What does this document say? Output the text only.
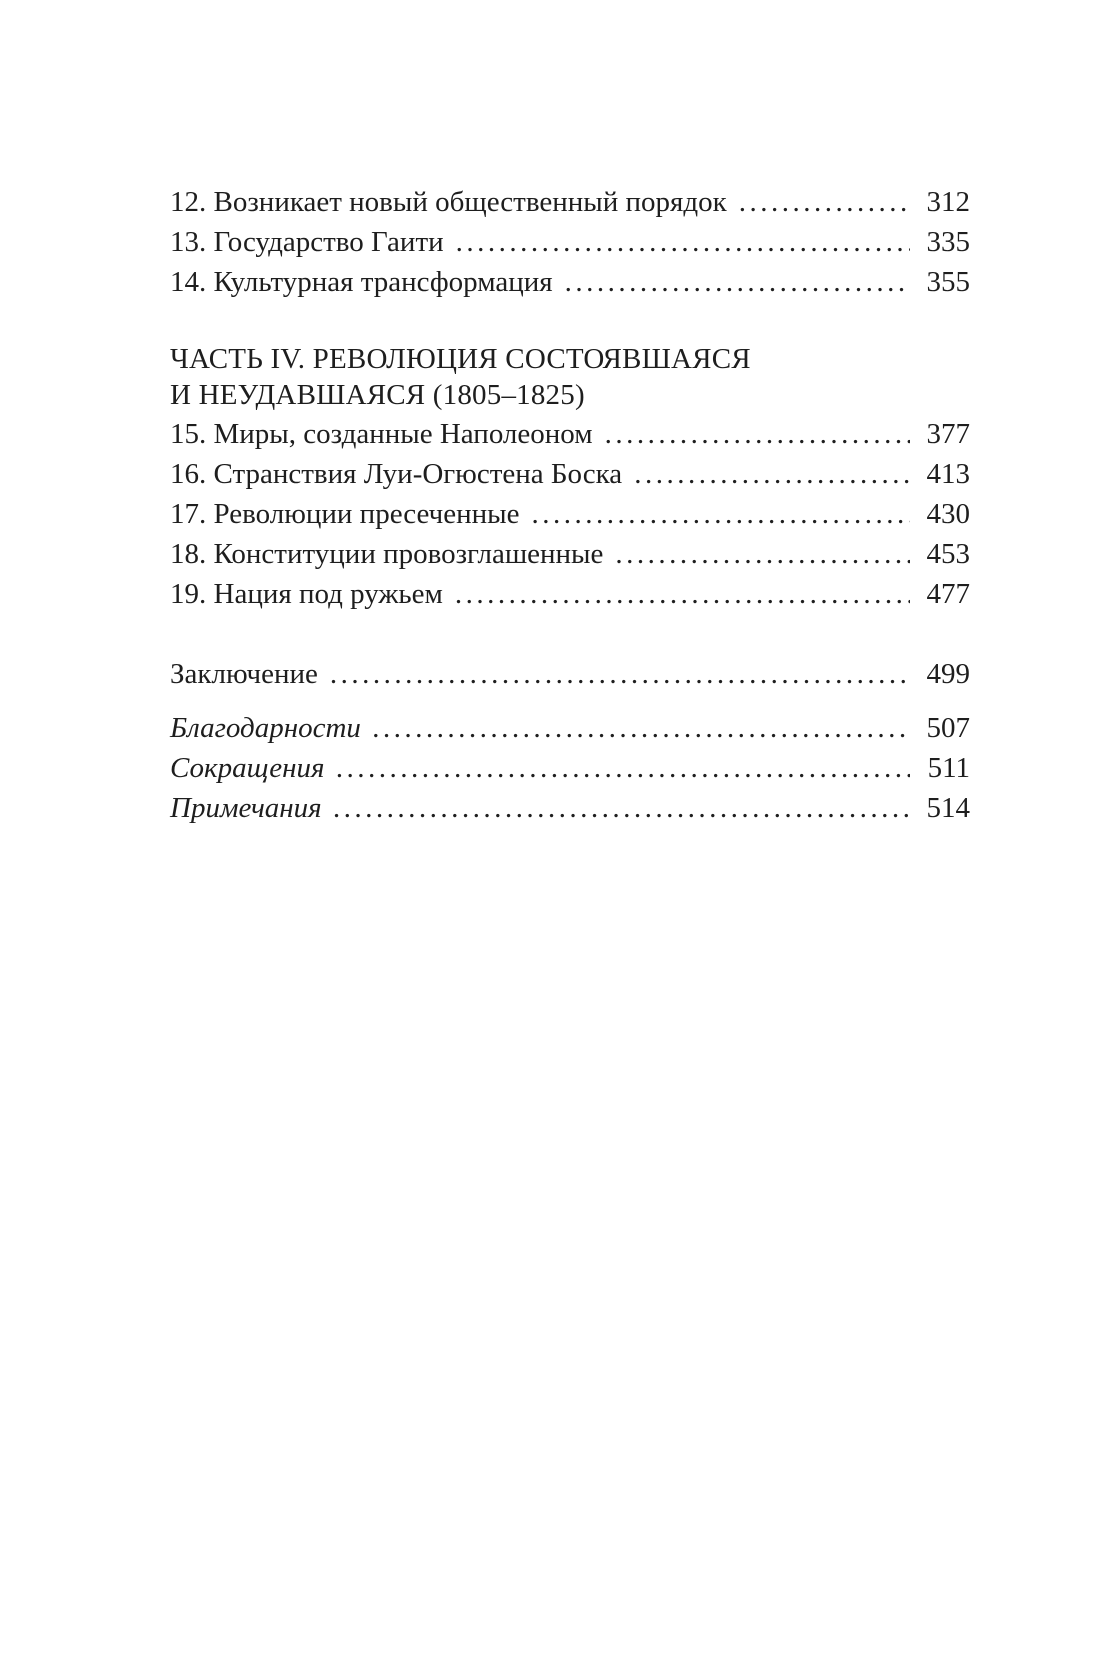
12. Возникает новый общественный порядок .....	312
13. Государство Гаити .....	335
14. Культурная трансформация .....	355
ЧАСТЬ IV. РЕВОЛЮЦИЯ СОСТОЯВШАЯСЯ
И НЕУДАВШАЯСЯ (1805–1825)
15. Миры, созданные Наполеоном .....	377
16. Странствия Луи-Огюстена Боска .....	413
17. Революции пресеченные .....	430
18. Конституции провозглашенные .....	453
19. Нация под ружьем .....	477
Заключение .....	499
Благодарности .....	507
Сокращения .....	511
Примечания .....	514
